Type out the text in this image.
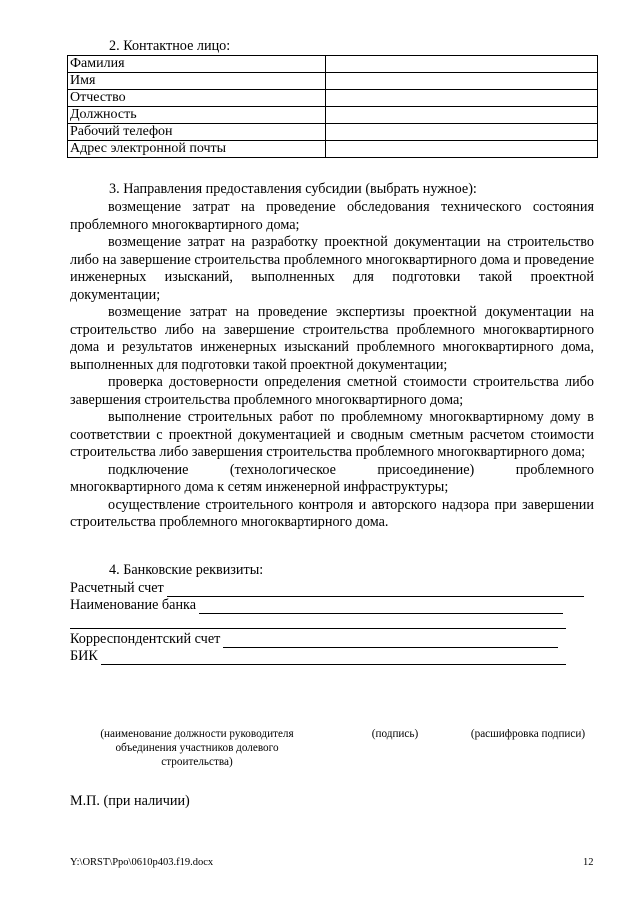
2. Контактное лицо:
Фамилия	
Имя	
Отчество	
Должность	
Рабочий телефон	
Адрес электронной почты	
3. Направления предоставления субсидии (выбрать нужное):
возмещение затрат на проведение обследования технического состояния проблемного многоквартирного дома;
возмещение затрат на разработку проектной документации на строительство либо на завершение строительства проблемного многоквартирного дома и проведение инженерных изысканий, выполненных для подготовки такой проектной документации;
возмещение затрат на проведение экспертизы проектной документации на строительство либо на завершение строительства проблемного многоквартирного дома и результатов инженерных изысканий проблемного многоквартирного дома, выполненных для подготовки такой проектной документации;
проверка достоверности определения сметной стоимости строительства либо завершения строительства проблемного многоквартирного дома;
выполнение строительных работ по проблемному многоквартирному дому в соответствии с проектной документацией и сводным сметным расчетом стоимости строительства либо завершения строительства проблемного многоквартирного дома;
подключение (технологическое присоединение) проблемного многоквартирного дома к сетям инженерной инфраструктуры;
осуществление строительного контроля и авторского надзора при завершении строительства проблемного многоквартирного дома.
4. Банковские реквизиты:
Расчетный счет
Наименование банка
Корреспондентский счет
БИК
(наименование должности руководителя
объединения участников долевого
строительства)
(подпись)	(расшифровка подписи)
М.П. (при наличии)
Y:\ORST\Ppo\0610p403.f19.docx	12
